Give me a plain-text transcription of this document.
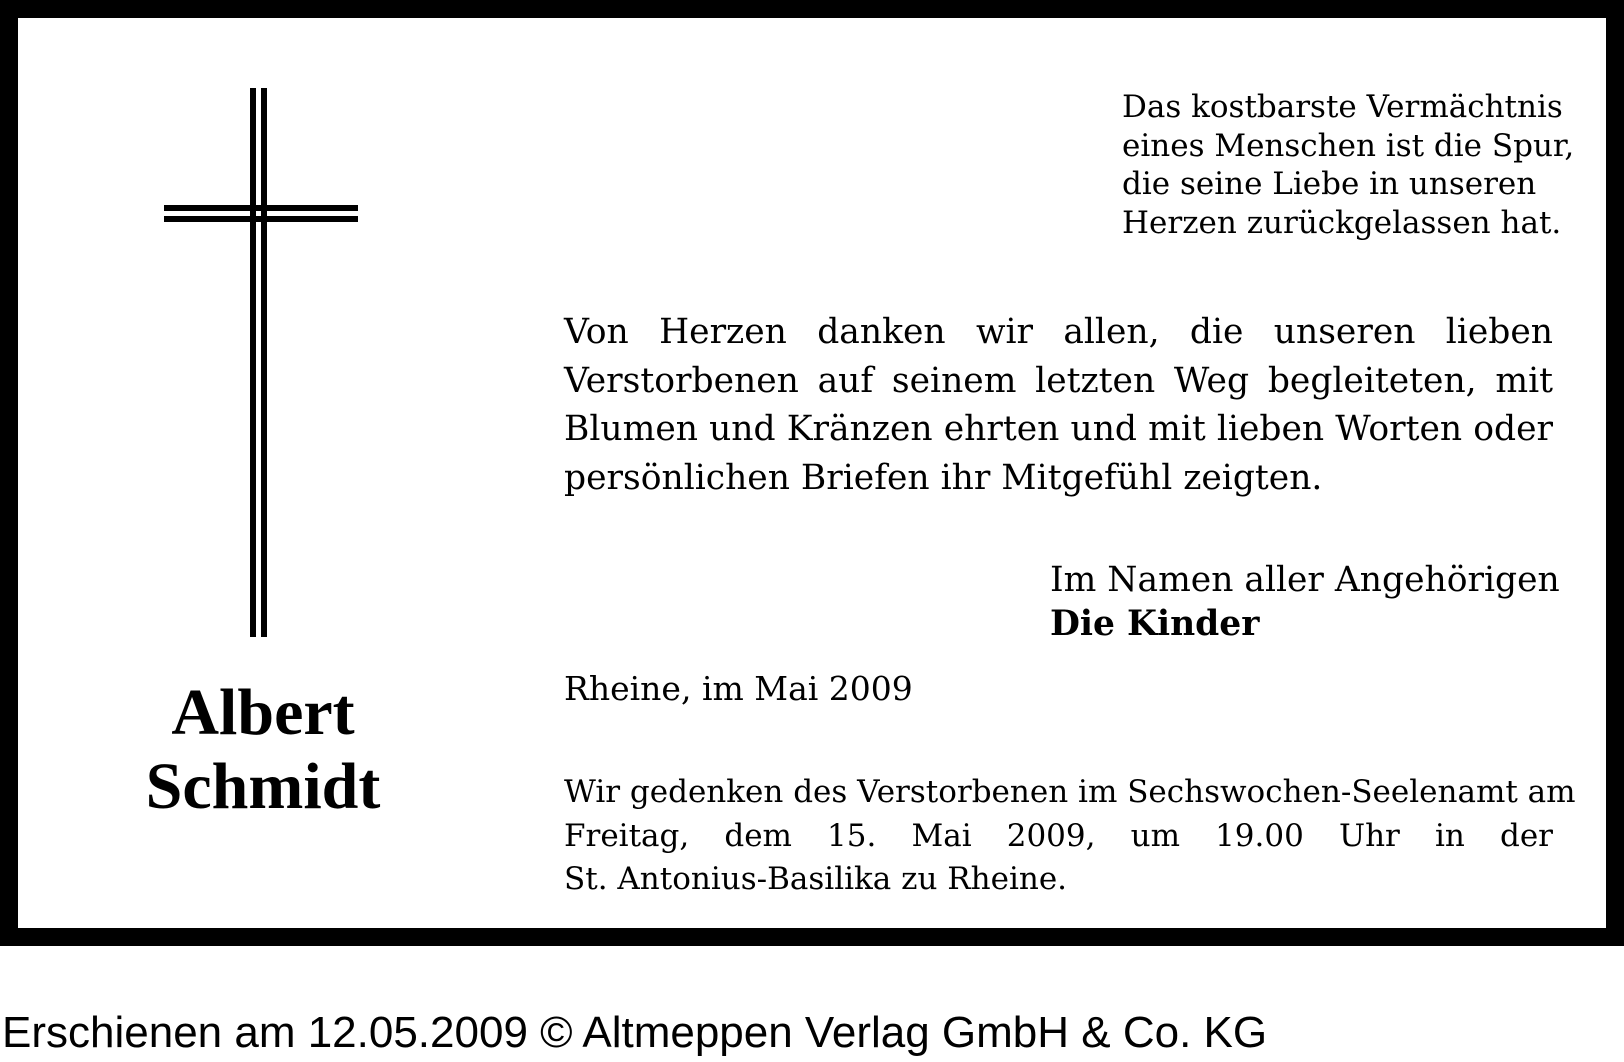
Albert
Schmidt
Das kostbarste Vermächtnis
eines Menschen ist die Spur,
die seine Liebe in unseren
Herzen zurückgelassen hat.
Von Herzen danken wir allen, die unseren lieben
Verstorbenen auf seinem letzten Weg begleiteten, mit
Blumen und Kränzen ehrten und mit lieben Worten oder
persönlichen Briefen ihr Mitgefühl zeigten.
Im Namen aller Angehörigen
Die Kinder
Rheine, im Mai 2009
Wir gedenken des Verstorbenen im Sechswochen-Seelenamt am
Freitag, dem 15. Mai 2009, um 19.00 Uhr in der
St. Antonius-Basilika zu Rheine.
Erschienen am 12.05.2009 © Altmeppen Verlag GmbH & Co. KG
